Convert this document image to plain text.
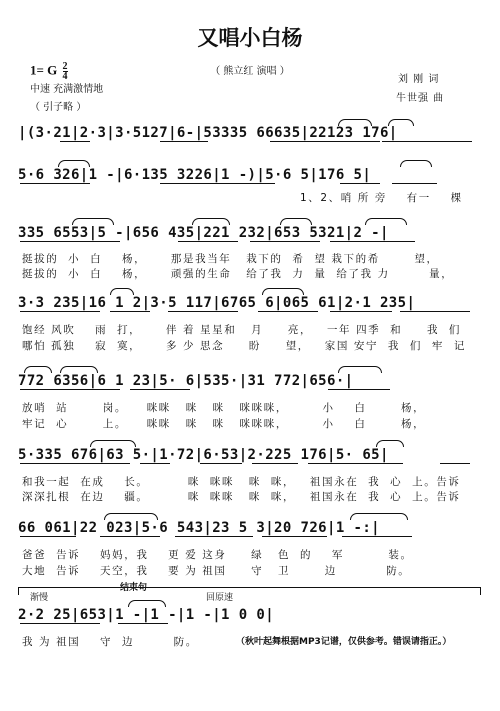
又唱小白杨
（ 熊立红 演唱 ）
1= G $\frac{2}{4}$
中速 充满激情地
（ 引子略 ）
刘 刚 词
牛世强 曲
|(3·21|2·3|3·5127|6-|53335 66635|22123 176|
5·6 326|1 -|6·135 3226|1 -)|5·6 5|176 5|
1、2、哨 所 旁    有一    棵
335 6553|5 -|656 435|221 232|653 5321|2 -|
挺拔的  小  白    杨，     那是我当年   栽下的  希  望 栽下的希       望，
挺拔的  小  白    杨，     顽强的生命   给了我  力  量  给了我 力        量，
3·3 235|16 1 2|3·5 117|6765 6|065 61|2·1 235|
饱经 风吹    雨  打，     伴 着 星星和   月     亮，   一年 四季  和     我  们
哪怕 孤独    寂  寞，     多 少 思念     盼     望，   家国 安宁  我  们  牢  记
772 6356|6 1 23|5· 6|535·|31 772|656·|
放哨  站       岗。    咪咪   咪   咪   咪咪咪，       小    白       杨，
牢记  心       上。    咪咪   咪   咪   咪咪咪，       小    白       杨，
5·335 676|63 5·|1·72|6·53|2·225 176|5· 65|
和我一起  在成    长。        咪  咪咪   咪  咪，   祖国永在  我  心  上。告诉
深深扎根  在边    疆。        咪  咪咪   咪  咪，   祖国永在  我  心  上。告诉
66 061|22 023|5·6 543|23 5 3|20 726|1 -:|
爸爸  告诉    妈妈，我    更 爱 这身     绿   色  的    军         装。
大地  告诉    天空，我    要 为 祖国     守   卫       边          防。
渐慢
结束句
回原速
2·2 25|653|1 -|1 -|1 -|1 0 0|
我 为 祖国    守  边        防。	（秋叶起舞根据MP3记谱，仅供参考。错误请指正。）
